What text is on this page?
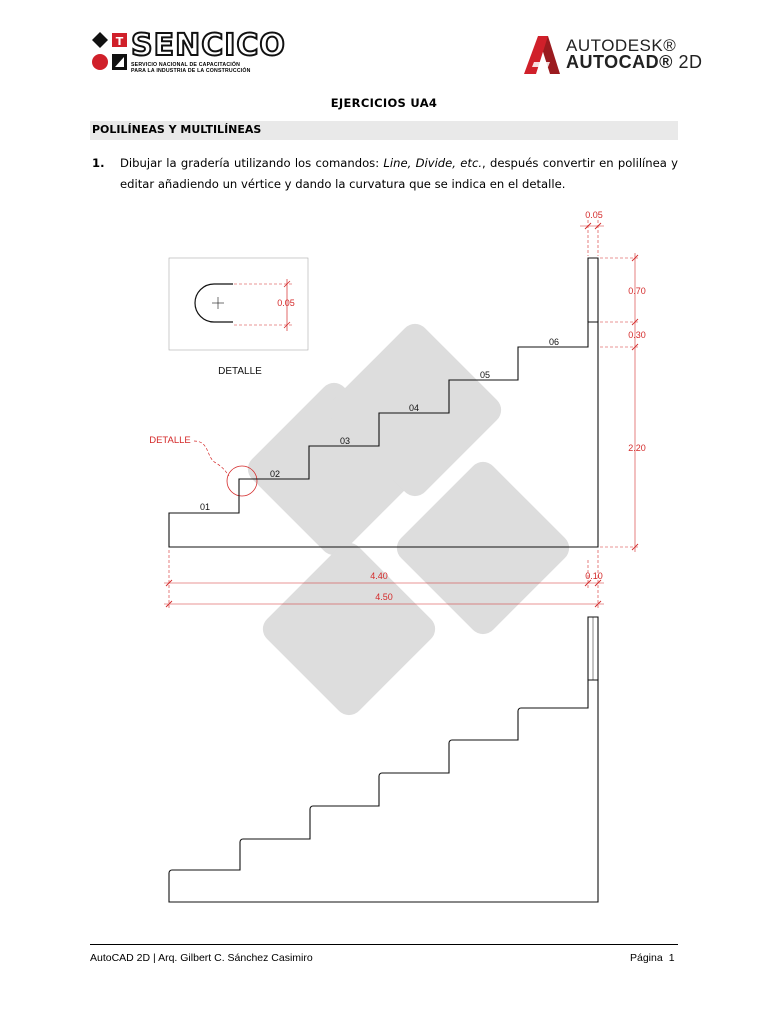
T SENCICO
SERVICIO NACIONAL DE CAPACITACIÓN
PARA LA INDUSTRIA DE LA CONSTRUCCIÓN
AUTODESK®
AUTOCAD® 2D
EJERCICIOS UA4
POLILÍNEAS Y MULTILÍNEAS
1. Dibujar la gradería utilizando los comandos: Line, Divide, etc., después convertir en polilínea y editar añadiendo un vértice y dando la curvatura que se indica en el detalle.
0.05
DETALLE
DETALLE
01
02
03
04
05
06
0.05
0.70
0.30
2.20
4.40	0.10
4.50
AutoCAD 2D | Arq. Gilbert C. Sánchez Casimiro	Página 1
